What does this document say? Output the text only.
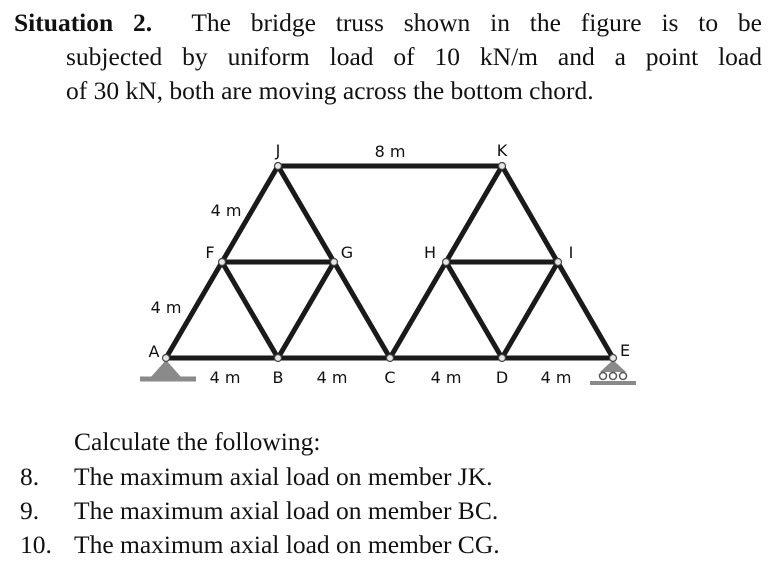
Situation 2. The bridge truss shown in the figure is to be
subjected by uniform load of 10 kN/m and a point load
of 30 kN, both are moving across the bottom chord.
A
B	C	D
E
F	G	H	I
J	K
8 m
4 m
4 m
4 m	4 m	4 m	4 m
Calculate the following:
8. The maximum axial load on member JK.
9. The maximum axial load on member BC.
10. The maximum axial load on member CG.
